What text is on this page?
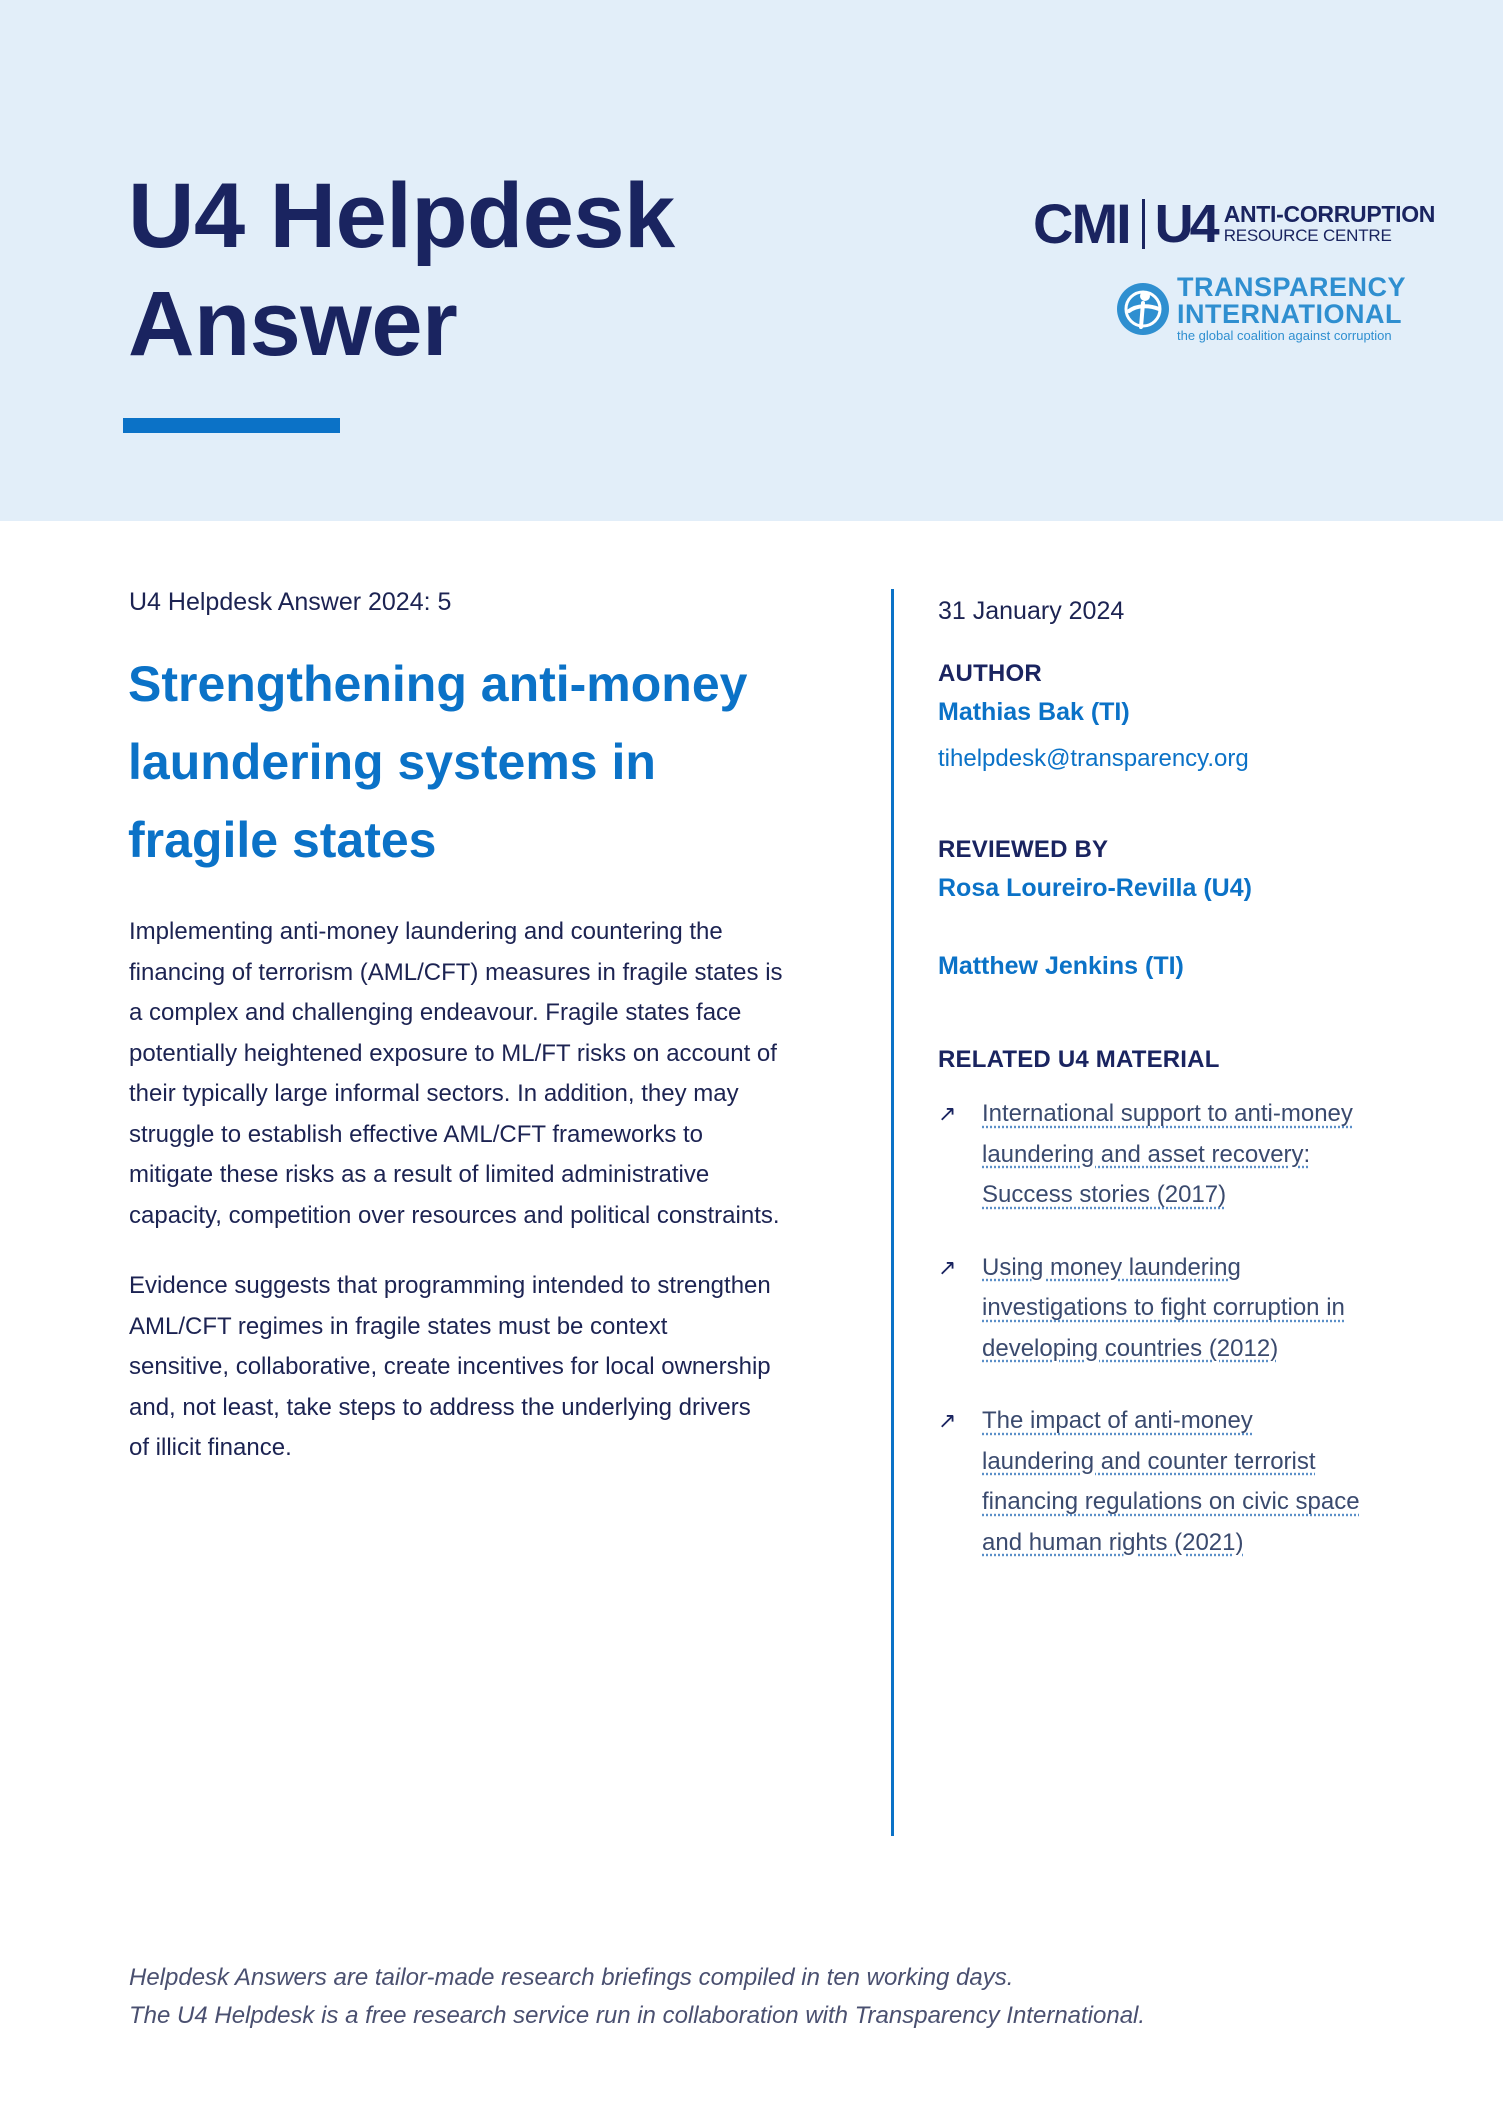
U4 Helpdesk
Answer
CMI U4 ANTI-CORRUPTION
RESOURCE CENTRE
TRANSPARENCY
INTERNATIONAL
the global coalition against corruption
U4 Helpdesk Answer 2024: 5
Strengthening anti-money
laundering systems in
fragile states

Implementing anti-money laundering and countering the
financing of terrorism (AML/CFT) measures in fragile states is
a complex and challenging endeavour. Fragile states face
potentially heightened exposure to ML/FT risks on account of
their typically large informal sectors. In addition, they may
struggle to establish effective AML/CFT frameworks to
mitigate these risks as a result of limited administrative
capacity, competition over resources and political constraints.

Evidence suggests that programming intended to strengthen
AML/CFT regimes in fragile states must be context
sensitive, collaborative, create incentives for local ownership
and, not least, take steps to address the underlying drivers
of illicit finance.

31 January 2024
AUTHOR
Mathias Bak (TI)
tihelpdesk@transparency.org
REVIEWED BY
Rosa Loureiro-Revilla (U4)
Matthew Jenkins (TI)
RELATED U4 MATERIAL
↗	International support to anti-money
laundering and asset recovery:
Success stories (2017)
↗	Using money laundering
investigations to fight corruption in
developing countries (2012)
↗	The impact of anti-money
laundering and counter terrorist
financing regulations on civic space
and human rights (2021)
Helpdesk Answers are tailor-made research briefings compiled in ten working days.
The U4 Helpdesk is a free research service run in collaboration with Transparency International.
